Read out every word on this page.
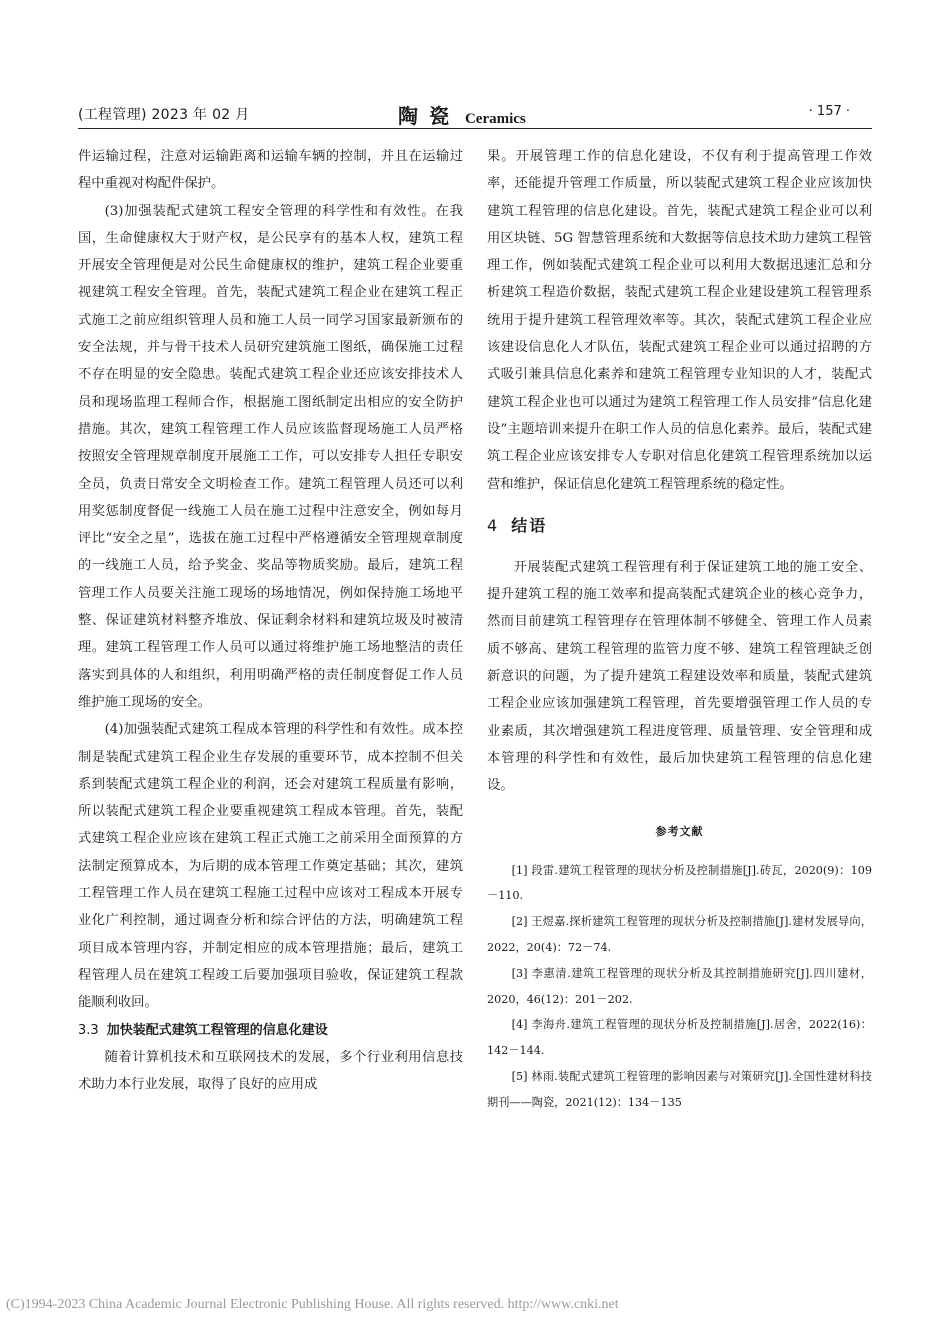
(工程管理) 2023 年 02 月	陶 瓷 Ceramics	· 157 ·

件运输过程，注意对运输距离和运输车辆的控制，并且在运输过程中重视对构配件保护。

(3)加强装配式建筑工程安全管理的科学性和有效性。在我国，生命健康权大于财产权，是公民享有的基本人权，建筑工程开展安全管理便是对公民生命健康权的维护，建筑工程企业要重视建筑工程安全管理。首先，装配式建筑工程企业在建筑工程正式施工之前应组织管理人员和施工人员一同学习国家最新颁布的安全法规，并与骨干技术人员研究建筑施工图纸，确保施工过程不存在明显的安全隐患。装配式建筑工程企业还应该安排技术人员和现场监理工程师合作，根据施工图纸制定出相应的安全防护措施。其次，建筑工程管理工作人员应该监督现场施工人员严格按照安全管理规章制度开展施工工作，可以安排专人担任专职安全员，负责日常安全文明检查工作。建筑工程管理人员还可以利用奖惩制度督促一线施工人员在施工过程中注意安全，例如每月评比“安全之星”，选拔在施工过程中严格遵循安全管理规章制度的一线施工人员，给予奖金、奖品等物质奖励。最后，建筑工程管理工作人员要关注施工现场的场地情况，例如保持施工场地平整、保证建筑材料整齐堆放、保证剩余材料和建筑垃圾及时被清理。建筑工程管理工作人员可以通过将维护施工场地整洁的责任落实到具体的人和组织，利用明确严格的责任制度督促工作人员维护施工现场的安全。

(4)加强装配式建筑工程成本管理的科学性和有效性。成本控制是装配式建筑工程企业生存发展的重要环节，成本控制不但关系到装配式建筑工程企业的利润，还会对建筑工程质量有影响，所以装配式建筑工程企业要重视建筑工程成本管理。首先，装配式建筑工程企业应该在建筑工程正式施工之前采用全面预算的方法制定预算成本，为后期的成本管理工作奠定基础；其次，建筑工程管理工作人员在建筑工程施工过程中应该对工程成本开展专业化广利控制，通过调查分析和综合评估的方法，明确建筑工程项目成本管理内容，并制定相应的成本管理措施；最后，建筑工程管理人员在建筑工程竣工后要加强项目验收，保证建筑工程款能顺利收回。

3.3 加快装配式建筑工程管理的信息化建设

随着计算机技术和互联网技术的发展，多个行业利用信息技术助力本行业发展，取得了良好的应用成

果。开展管理工作的信息化建设，不仅有利于提高管理工作效率，还能提升管理工作质量，所以装配式建筑工程企业应该加快建筑工程管理的信息化建设。首先，装配式建筑工程企业可以利用区块链、5G 智慧管理系统和大数据等信息技术助力建筑工程管理工作，例如装配式建筑工程企业可以利用大数据迅速汇总和分析建筑工程造价数据，装配式建筑工程企业建设建筑工程管理系统用于提升建筑工程管理效率等。其次，装配式建筑工程企业应该建设信息化人才队伍，装配式建筑工程企业可以通过招聘的方式吸引兼具信息化素养和建筑工程管理专业知识的人才，装配式建筑工程企业也可以通过为建筑工程管理工作人员安排“信息化建设”主题培训来提升在职工作人员的信息化素养。最后，装配式建筑工程企业应该安排专人专职对信息化建筑工程管理系统加以运营和维护，保证信息化建筑工程管理系统的稳定性。

4 结语

开展装配式建筑工程管理有利于保证建筑工地的施工安全、提升建筑工程的施工效率和提高装配式建筑企业的核心竞争力，然而目前建筑工程管理存在管理体制不够健全、管理工作人员素质不够高、建筑工程管理的监管力度不够、建筑工程管理缺乏创新意识的问题，为了提升建筑工程建设效率和质量，装配式建筑工程企业应该加强建筑工程管理，首先要增强管理工作人员的专业素质，其次增强建筑工程进度管理、质量管理、安全管理和成本管理的科学性和有效性，最后加快建筑工程管理的信息化建设。

参考文献

[1] 段雷.建筑工程管理的现状分析及控制措施[J].砖瓦，2020(9)：109－110.

[2] 王煜嘉.探析建筑工程管理的现状分析及控制措施[J].建材发展导向，2022，20(4)：72－74.

[3] 李惠清.建筑工程管理的现状分析及其控制措施研究[J].四川建材，2020，46(12)：201－202.

[4] 李海舟.建筑工程管理的现状分析及控制措施[J].居舍，2022(16)：142－144.

[5] 林雨.装配式建筑工程管理的影响因素与对策研究[J].全国性建材科技期刊——陶瓷，2021(12)：134－135

(C)1994-2023 China Academic Journal Electronic Publishing House. All rights reserved. http://www.cnki.net
